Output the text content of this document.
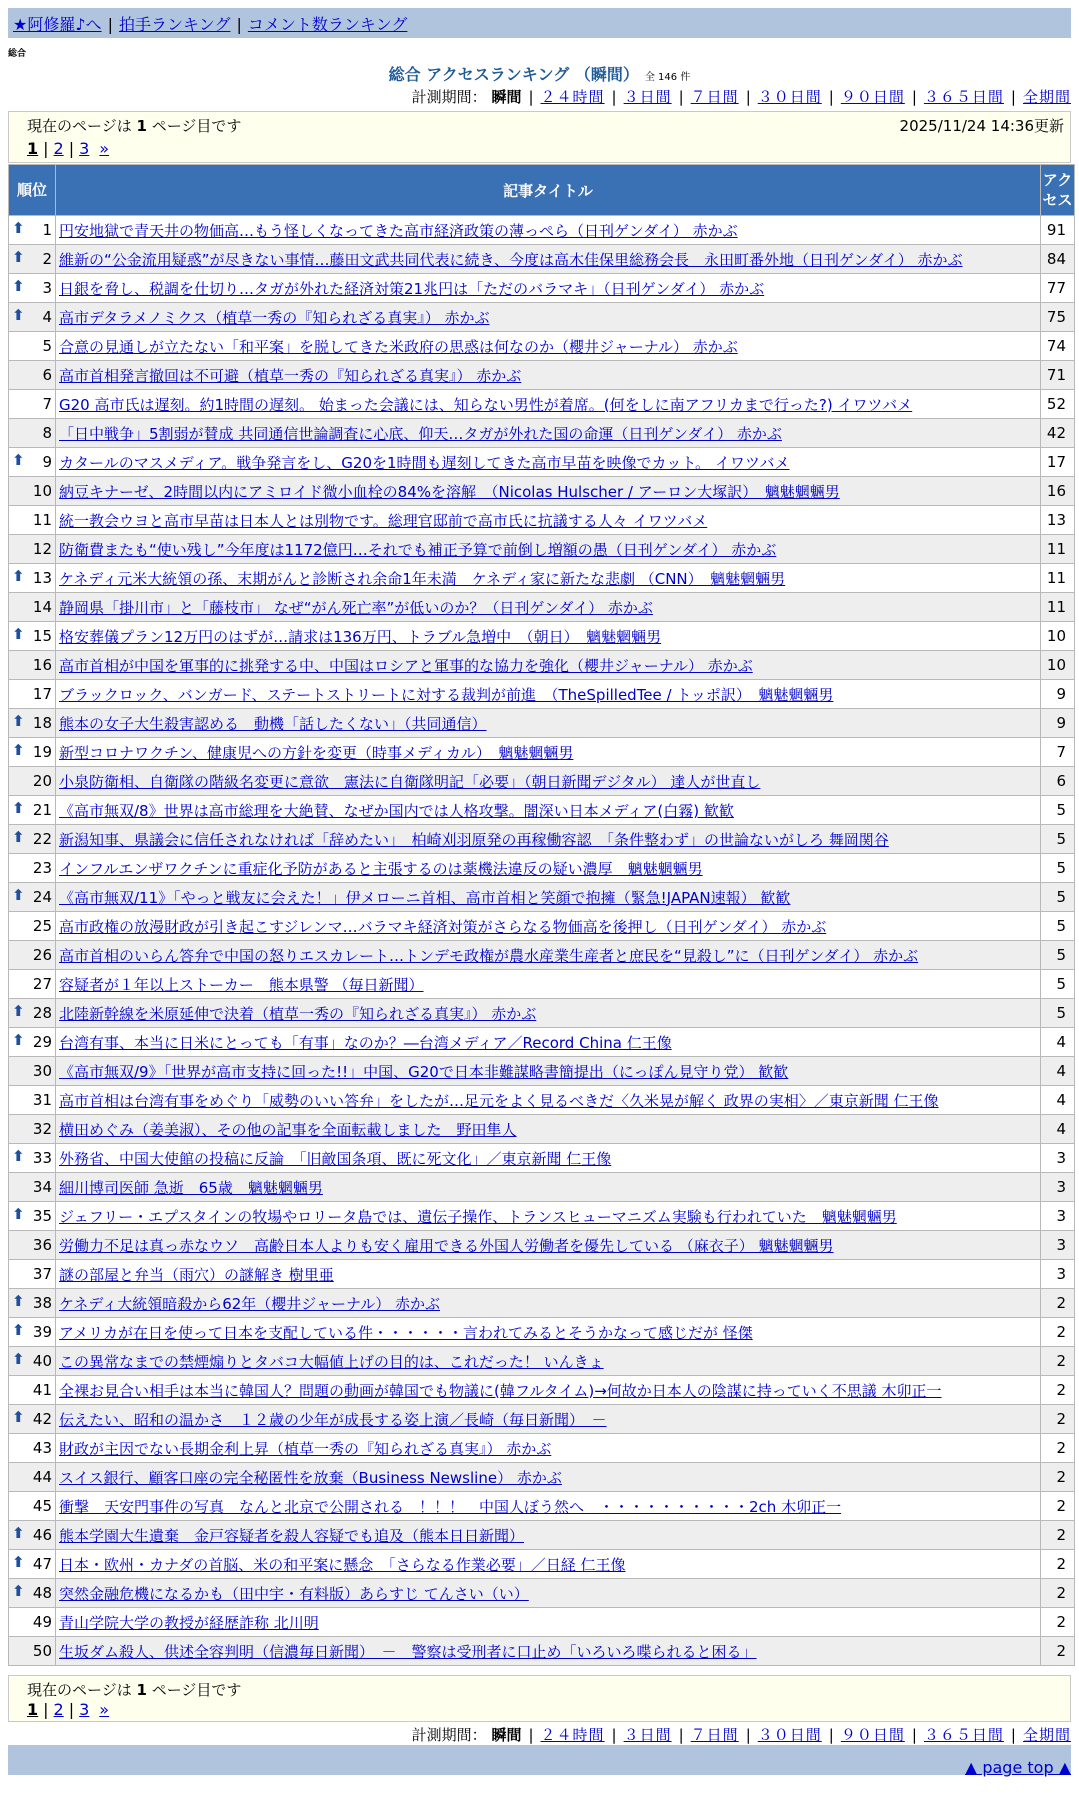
★阿修羅♪へ | 拍手ランキング | コメント数ランキング
総合
総合 アクセスランキング （瞬間） 全 146 件
計測期間： 瞬間 | ２４時間 | ３日間 | ７日間 | ３０日間 | ９０日間 | ３６５日間 | 全期間
現在のページは 1 ページ目です	2025/11/24 14:36更新
1 | 2 | 3 »
順位	記事タイトル	アクセス

⬆ 1	円安地獄で青天井の物価高…もう怪しくなってきた高市経済政策の薄っぺら（日刊ゲンダイ） 赤かぶ	91

⬆ 2	維新の“公金流用疑惑”が尽きない事情…藤田文武共同代表に続き、今度は高木佳保里総務会長　永田町番外地（日刊ゲンダイ） 赤かぶ	84

⬆ 3	日銀を脅し、税調を仕切り…タガが外れた経済対策21兆円は「ただのバラマキ」（日刊ゲンダイ） 赤かぶ	77

⬆ 4	高市デタラメノミクス（植草一秀の『知られざる真実』） 赤かぶ	75
5	合意の見通しが立たない「和平案」を脱してきた米政府の思惑は何なのか（櫻井ジャーナル） 赤かぶ	74
6	高市首相発言撤回は不可避（植草一秀の『知られざる真実』） 赤かぶ	71
7	G20 高市氏は遅刻。約1時間の遅刻。 始まった会議には、知らない男性が着席。(何をしに南アフリカまで行った?) イワツバメ	52
8	「日中戦争」5割弱が賛成 共同通信世論調査に心底、仰天…タガが外れた国の命運（日刊ゲンダイ） 赤かぶ	42

⬆ 9	カタールのマスメディア。戦争発言をし、G20を1時間も遅刻してきた高市早苗を映像でカット。 イワツバメ	17
10	納豆キナーゼ、2時間以内にアミロイド微小血栓の84%を溶解　（Nicolas Hulscher / アーロン大塚訳）　魑魅魍魎男	16
11	統一教会ウヨと高市早苗は日本人とは別物です。総理官邸前で高市氏に抗議する人々 イワツバメ	13
12	防衛費またも“使い残し”今年度は1172億円…それでも補正予算で前倒し増額の愚（日刊ゲンダイ） 赤かぶ	11

⬆ 13	ケネディ元米大統領の孫、末期がんと診断され余命1年未満　ケネディ家に新たな悲劇 （CNN）　魑魅魍魎男	11
14	静岡県「掛川市」と「藤枝市」 なぜ“がん死亡率”が低いのか？（日刊ゲンダイ） 赤かぶ	11

⬆ 15	格安葬儀プラン12万円のはずが…請求は136万円、トラブル急増中　（朝日）　魑魅魍魎男	10
16	高市首相が中国を軍事的に挑発する中、中国はロシアと軍事的な協力を強化（櫻井ジャーナル） 赤かぶ	10
17	ブラックロック、バンガード、ステートストリートに対する裁判が前進　（TheSpilledTee / トッポ訳）　魑魅魍魎男	9

⬆ 18	熊本の女子大生殺害認める　動機「話したくない」（共同通信）	9

⬆ 19	新型コロナワクチン、健康児への方針を変更（時事メディカル）　魑魅魍魎男	7
20	小泉防衛相、自衛隊の階級名変更に意欲　憲法に自衛隊明記「必要」（朝日新聞デジタル） 達人が世直し	6

⬆ 21	《高市無双/8》世界は高市総理を大絶賛、なぜか国内では人格攻撃。闇深い日本メディア(白霧) 歓歓	5

⬆ 22	新潟知事、県議会に信任されなければ「辞めたい」　柏崎刈羽原発の再稼働容認　「条件整わず」の世論ないがしろ 舞岡関谷	5
23	インフルエンザワクチンに重症化予防があると主張するのは薬機法違反の疑い濃厚　魑魅魍魎男	5

⬆ 24	《高市無双/11》「やっと戦友に会えた！」伊メローニ首相、高市首相と笑顔で抱擁（緊急!JAPAN速報） 歓歓	5
25	高市政権の放漫財政が引き起こすジレンマ…バラマキ経済対策がさらなる物価高を後押し（日刊ゲンダイ） 赤かぶ	5
26	高市首相のいらん答弁で中国の怒りエスカレート…トンデモ政権が農水産業生産者と庶民を“見殺し”に（日刊ゲンダイ） 赤かぶ	5
27	容疑者が１年以上ストーカー　熊本県警 （毎日新聞）	5

⬆ 28	北陸新幹線を米原延伸で決着（植草一秀の『知られざる真実』） 赤かぶ	5

⬆ 29	台湾有事、本当に日米にとっても「有事」なのか？―台湾メディア／Record China 仁王像	4
30	《高市無双/9》「世界が高市支持に回った!!」中国、G20で日本非難謀略書簡提出（にっぽん見守り党） 歓歓	4
31	高市首相は台湾有事をめぐり「威勢のいい答弁」をしたが…足元をよく見るべきだ〈久米晃が解く 政界の実相〉／東京新聞 仁王像	4
32	横田めぐみ（姜美淑）、その他の記事を全面転載しました　野田隼人	4

⬆ 33	外務省、中国大使館の投稿に反論　「旧敵国条項、既に死文化」／東京新聞 仁王像	3
34	細川博司医師 急逝　65歳　魑魅魍魎男	3

⬆ 35	ジェフリー・エプスタインの牧場やロリータ島では、遺伝子操作、トランスヒューマニズム実験も行われていた　魑魅魍魎男	3
36	労働力不足は真っ赤なウソ　高齢日本人よりも安く雇用できる外国人労働者を優先している （麻衣子） 魑魅魍魎男	3
37	謎の部屋と弁当（雨穴）の謎解き 樹里亜	3

⬆ 38	ケネディ大統領暗殺から62年（櫻井ジャーナル） 赤かぶ	2

⬆ 39	アメリカが在日を使って日本を支配している件・・・・・・言われてみるとそうかなって感じだが 怪傑	2

⬆ 40	この異常なまでの禁煙煽りとタバコ大幅値上げの目的は、これだった！ いんきょ	2
41	全裸お見合い相手は本当に韓国人？問題の動画が韓国でも物議に(韓フルタイム)→何故か日本人の陰謀に持っていく不思議 木卯正一	2

⬆ 42	伝えたい、昭和の温かさ　１２歳の少年が成長する姿上演／長崎（毎日新聞）　－	2
43	財政が主因でない長期金利上昇（植草一秀の『知られざる真実』） 赤かぶ	2
44	スイス銀行、顧客口座の完全秘匿性を放棄（Business Newsline） 赤かぶ	2
45	衝撃　天安門事件の写真　なんと北京で公開される　！！！　中国人ぼう然へ　・・・・・・・・・・2ch 木卯正一	2

⬆ 46	熊本学園大生遺棄　金戸容疑者を殺人容疑でも追及（熊本日日新聞）	2

⬆ 47	日本・欧州・カナダの首脳、米の和平案に懸念　「さらなる作業必要」／日経 仁王像	2

⬆ 48	突然金融危機になるかも（田中宇・有料版）あらすじ てんさい（い）	2
49	青山学院大学の教授が経歴詐称 北川明	2
50	生坂ダム殺人、供述全容判明（信濃毎日新聞）　－　警察は受刑者に口止め「いろいろ喋られると困る」	2
現在のページは 1 ページ目です
1 | 2 | 3 »
計測期間： 瞬間 | ２４時間 | ３日間 | ７日間 | ３０日間 | ９０日間 | ３６５日間 | 全期間
▲ page top ▲
